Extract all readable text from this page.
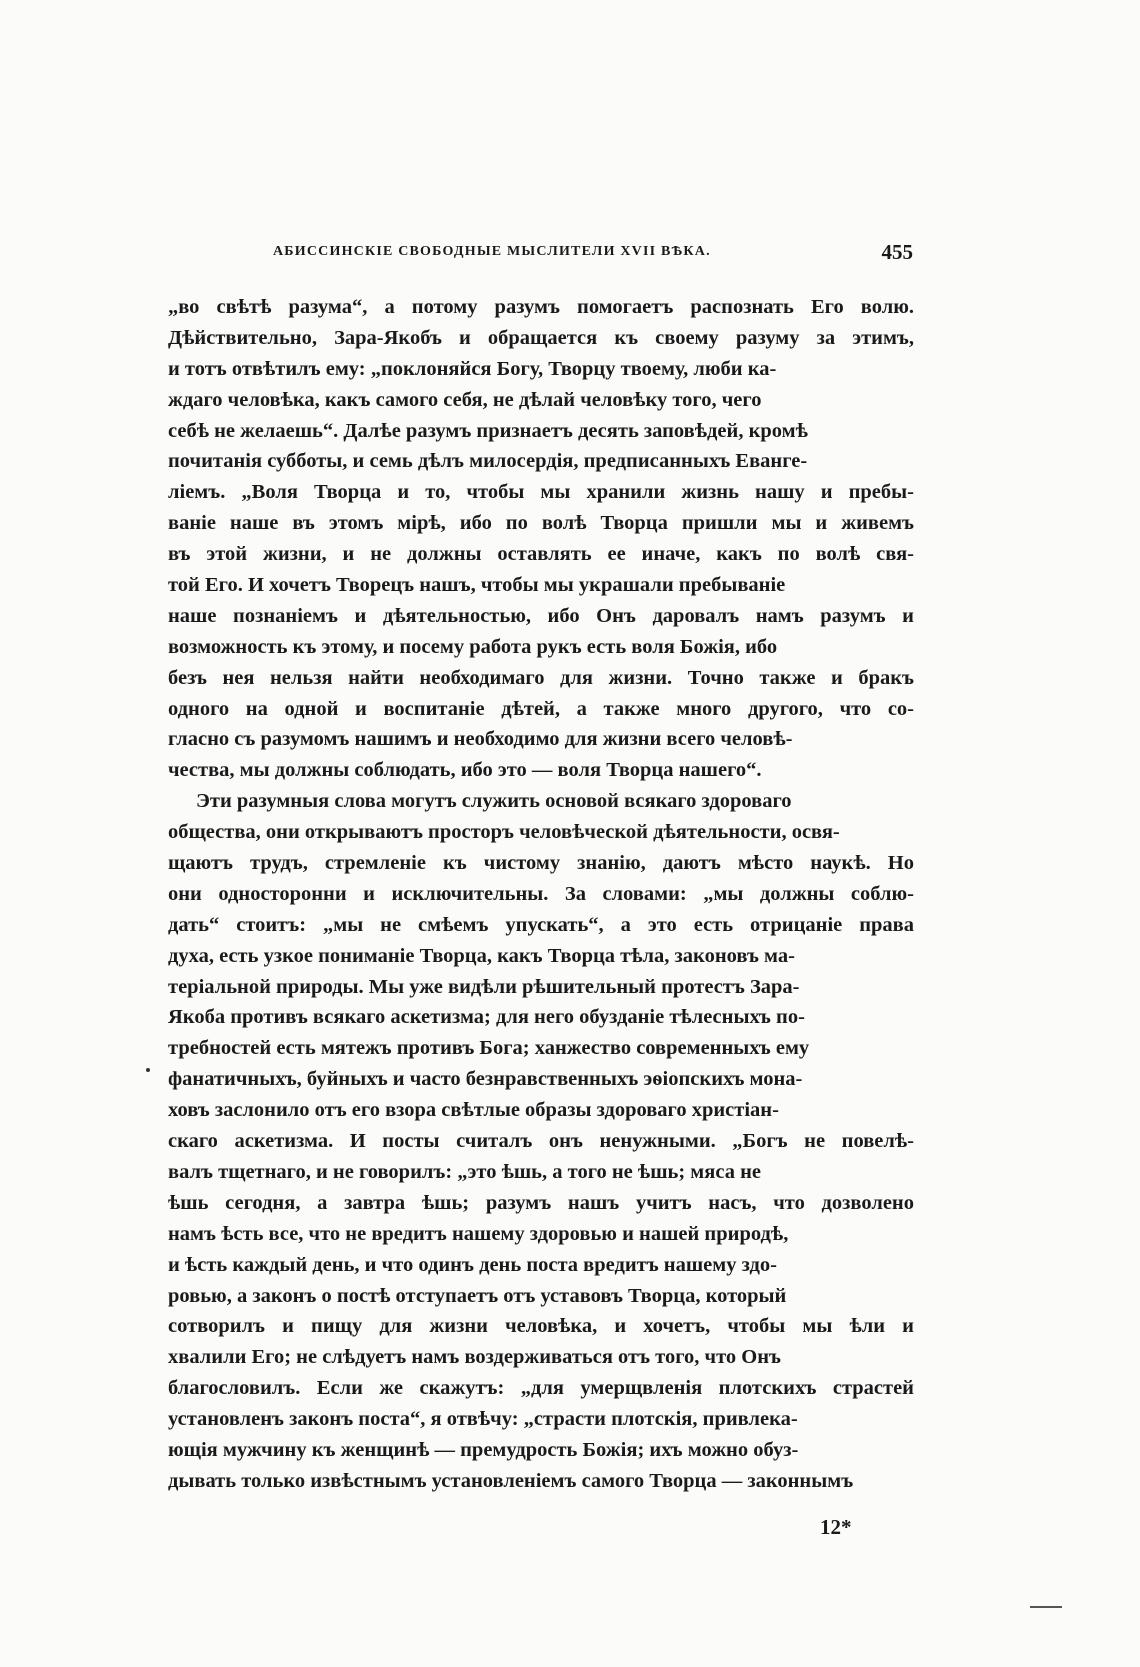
АБИССИНСКІЕ СВОБОДНЫЕ МЫСЛИТЕЛИ XVII ВѢКА.	455
„во свѣтѣ разума“, а потому разумъ помогаетъ распознать Его волю.
Дѣйствительно, Зара-Якобъ и обращается къ своему разуму за этимъ,
и тотъ отвѣтилъ ему: „поклоняйся Богу, Творцу твоему, люби ка-
ждаго человѣка, какъ самого себя, не дѣлай человѣку того, чего
себѣ не желаешь“. Далѣе разумъ признаетъ десять заповѣдей, кромѣ
почитанія субботы, и семь дѣлъ милосердія, предписанныхъ Еванге-
ліемъ. „Воля Творца и то, чтобы мы хранили жизнь нашу и пребы-
ваніе наше въ этомъ мірѣ, ибо по волѣ Творца пришли мы и живемъ
въ этой жизни, и не должны оставлять ее иначе, какъ по волѣ свя-
той Его. И хочетъ Творецъ нашъ, чтобы мы украшали пребываніе
наше познаніемъ и дѣятельностью, ибо Онъ даровалъ намъ разумъ и
возможность къ этому, и посему работа рукъ есть воля Божія, ибо
безъ нея нельзя найти необходимаго для жизни. Точно также и бракъ
одного на одной и воспитаніе дѣтей, а также много другого, что со-
гласно съ разумомъ нашимъ и необходимо для жизни всего человѣ-
чества, мы должны соблюдать, ибо это — воля Творца нашего“.
Эти разумныя слова могутъ служить основой всякаго здороваго
общества, они открываютъ просторъ человѣческой дѣятельности, освя-
щаютъ трудъ, стремленіе къ чистому знанію, даютъ мѣсто наукѣ. Но
они односторонни и исключительны. За словами: „мы должны соблю-
дать“ стоитъ: „мы не смѣемъ упускать“, а это есть отрицаніе права
духа, есть узкое пониманіе Творца, какъ Творца тѣла, законовъ ма-
теріальной природы. Мы уже видѣли рѣшительный протестъ Зара-
Якоба противъ всякаго аскетизма; для него обузданіе тѣлесныхъ по-
требностей есть мятежъ противъ Бога; ханжество современныхъ ему
фанатичныхъ, буйныхъ и часто безнравственныхъ эѳіопскихъ мона-
ховъ заслонило отъ его взора свѣтлые образы здороваго христіан-
скаго аскетизма. И посты считалъ онъ ненужными. „Богъ не повелѣ-
валъ тщетнаго, и не говорилъ: „это ѣшь, а того не ѣшь; мяса не
ѣшь сегодня, а завтра ѣшь; разумъ нашъ учитъ насъ, что дозволено
намъ ѣсть все, что не вредитъ нашему здоровью и нашей природѣ,
и ѣсть каждый день, и что одинъ день поста вредитъ нашему здо-
ровью, а законъ о постѣ отступаетъ отъ уставовъ Творца, который
сотворилъ и пищу для жизни человѣка, и хочетъ, чтобы мы ѣли и
хвалили Его; не слѣдуетъ намъ воздерживаться отъ того, что Онъ
благословилъ. Если же скажутъ: „для умерщвленія плотскихъ страстей
установленъ законъ поста“, я отвѣчу: „страсти плотскія, привлека-
ющія мужчину къ женщинѣ — премудрость Божія; ихъ можно обуз-
дывать только извѣстнымъ установленіемъ самого Творца — законнымъ
12*
